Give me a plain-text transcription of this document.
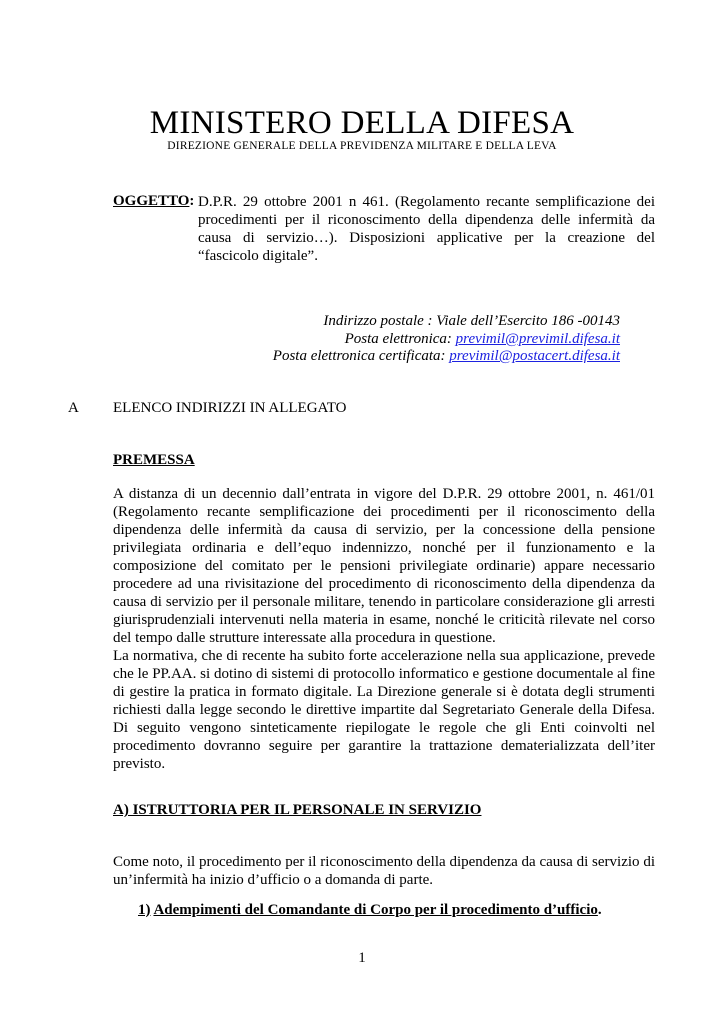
MINISTERO DELLA DIFESA
DIREZIONE GENERALE DELLA PREVIDENZA MILITARE E DELLA LEVA
OGGETTO: D.P.R. 29 ottobre 2001 n 461. (Regolamento recante semplificazione dei procedimenti per il riconoscimento della dipendenza delle infermità da causa di servizio…). Disposizioni applicative per la creazione del “fascicolo digitale”.
Indirizzo postale : Viale dell’Esercito 186 -00143
Posta elettronica: previmil@previmil.difesa.it
Posta elettronica certificata: previmil@postacert.difesa.it
A ELENCO INDIRIZZI IN ALLEGATO
PREMESSA

A distanza di un decennio dall’entrata in vigore del D.P.R. 29 ottobre 2001, n. 461/01 (Regolamento recante semplificazione dei procedimenti per il riconoscimento della dipendenza delle infermità da causa di servizio, per la concessione della pensione privilegiata ordinaria e dell’equo indennizzo, nonché per il funzionamento e la composizione del comitato per le pensioni privilegiate ordinarie) appare necessario procedere ad una rivisitazione del procedimento di riconoscimento della dipendenza da causa di servizio per il personale militare, tenendo in particolare considerazione gli arresti giurisprudenziali intervenuti nella materia in esame, nonché le criticità rilevate nel corso del tempo dalle strutture interessate alla procedura in questione.

La normativa, che di recente ha subito forte accelerazione nella sua applicazione, prevede che le PP.AA. si dotino di sistemi di protocollo informatico e gestione documentale al fine di gestire la pratica in formato digitale. La Direzione generale si è dotata degli strumenti richiesti dalla legge secondo le direttive impartite dal Segretariato Generale della Difesa. Di seguito vengono sinteticamente riepilogate le regole che gli Enti coinvolti nel procedimento dovranno seguire per garantire la trattazione dematerializzata dell’iter previsto.

A) ISTRUTTORIA PER IL PERSONALE IN SERVIZIO
Come noto, il procedimento per il riconoscimento della dipendenza da causa di servizio di un’infermità ha inizio d’ufficio o a domanda di parte.
1) Adempimenti del Comandante di Corpo per il procedimento d’ufficio.
1
